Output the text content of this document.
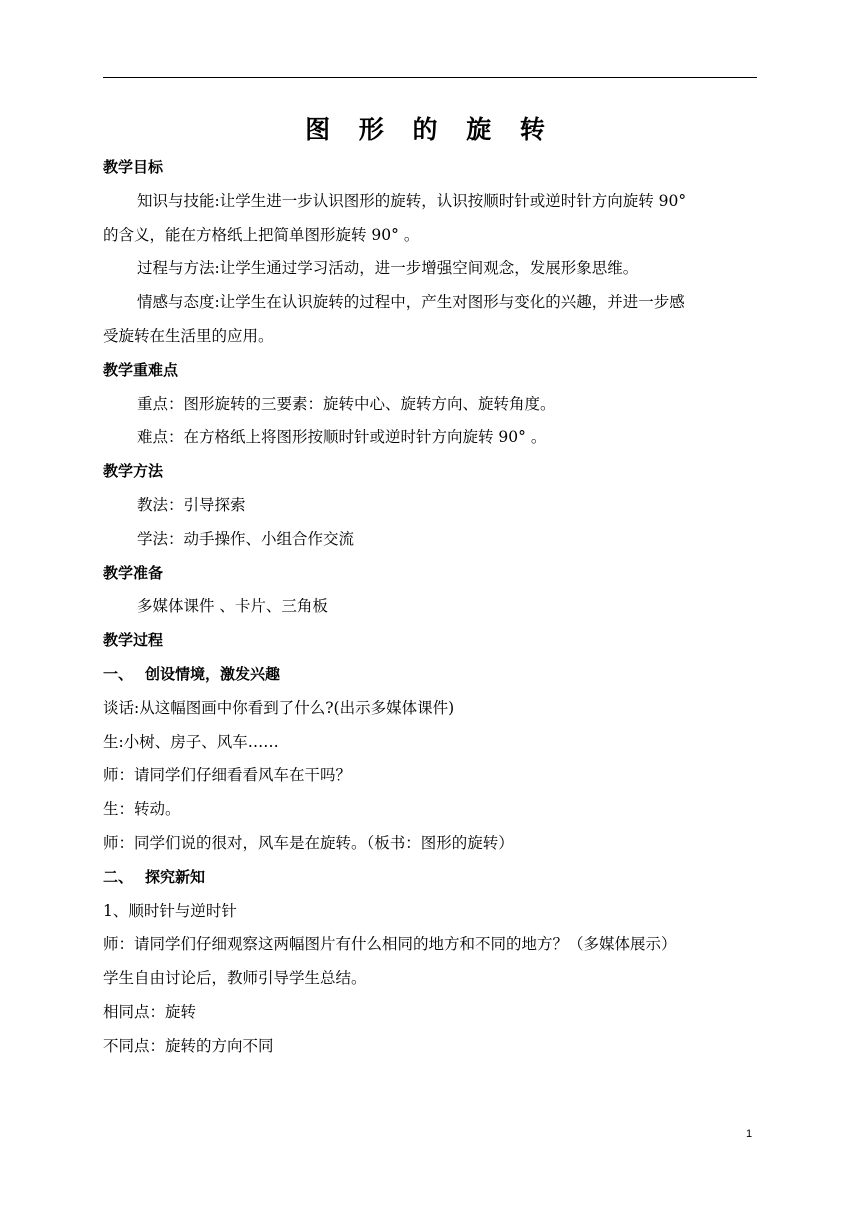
图 形 的 旋 转
教学目标
知识与技能:让学生进一步认识图形的旋转，认识按顺时针或逆时针方向旋转 90°
的含义，能在方格纸上把简单图形旋转 90° 。
过程与方法:让学生通过学习活动，进一步增强空间观念，发展形象思维。
情感与态度:让学生在认识旋转的过程中，产生对图形与变化的兴趣，并进一步感
受旋转在生活里的应用。
教学重难点
重点：图形旋转的三要素：旋转中心、旋转方向、旋转角度。
难点：在方格纸上将图形按顺时针或逆时针方向旋转 90° 。
教学方法
教法：引导探索
学法：动手操作、小组合作交流
教学准备
多媒体课件 、卡片、三角板
教学过程
一、 创设情境，激发兴趣
谈话:从这幅图画中你看到了什么?(出示多媒体课件)
生:小树、房子、风车……
师：请同学们仔细看看风车在干吗？
生：转动。
师：同学们说的很对，风车是在旋转。（板书：图形的旋转）
二、 探究新知
1、顺时针与逆时针
师：请同学们仔细观察这两幅图片有什么相同的地方和不同的地方？（多媒体展示）
学生自由讨论后，教师引导学生总结。
相同点：旋转
不同点：旋转的方向不同
1
